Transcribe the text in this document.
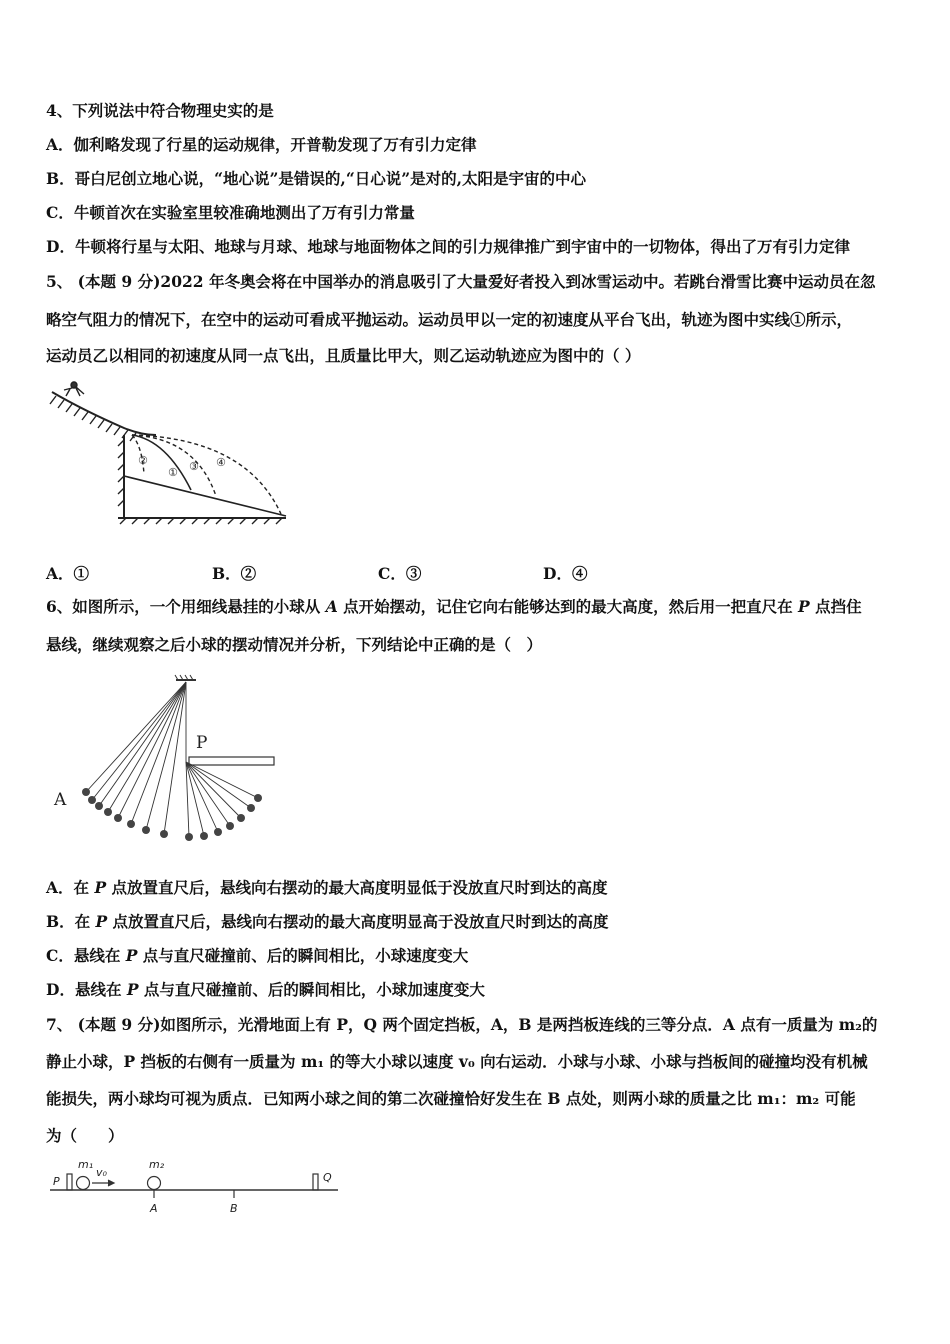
4、下列说法中符合物理史实的是
A．伽利略发现了行星的运动规律，开普勒发现了万有引力定律
B．哥白尼创立地心说，“地心说”是错误的,“日心说”是对的,太阳是宇宙的中心
C．牛顿首次在实验室里较准确地测出了万有引力常量
D．牛顿将行星与太阳、地球与月球、地球与地面物体之间的引力规律推广到宇宙中的一切物体，得出了万有引力定律
5、 (本题 9 分)2022 年冬奥会将在中国举办的消息吸引了大量爱好者投入到冰雪运动中。若跳台滑雪比赛中运动员在忽
略空气阻力的情况下，在空中的运动可看成平抛运动。运动员甲以一定的初速度从平台飞出，轨迹为图中实线①所示，
运动员乙以相同的初速度从同一点飞出，且质量比甲大，则乙运动轨迹应为图中的（ ）
②
① ③ ④
A．①	B．②	C．③	D．④
6、如图所示，一个用细线悬挂的小球从 A 点开始摆动，记住它向右能够达到的最大高度，然后用一把直尺在 P 点挡住
悬线，继续观察之后小球的摆动情况并分析，下列结论中正确的是（　）
P
A
A．在 P 点放置直尺后，悬线向右摆动的最大高度明显低于没放直尺时到达的高度
B．在 P 点放置直尺后，悬线向右摆动的最大高度明显高于没放直尺时到达的高度
C．悬线在 P 点与直尺碰撞前、后的瞬间相比，小球速度变大
D．悬线在 P 点与直尺碰撞前、后的瞬间相比，小球加速度变大
7、 (本题 9 分)如图所示，光滑地面上有 P，Q 两个固定挡板，A，B 是两挡板连线的三等分点．A 点有一质量为 m₂的
静止小球，P 挡板的右侧有一质量为 m₁ 的等大小球以速度 v₀ 向右运动．小球与小球、小球与挡板间的碰撞均没有机械
能损失，两小球均可视为质点．已知两小球之间的第二次碰撞恰好发生在 B 点处，则两小球的质量之比 m₁：m₂ 可能
为（　　）
P
m₁
v₀
m₂
Q
A	B
